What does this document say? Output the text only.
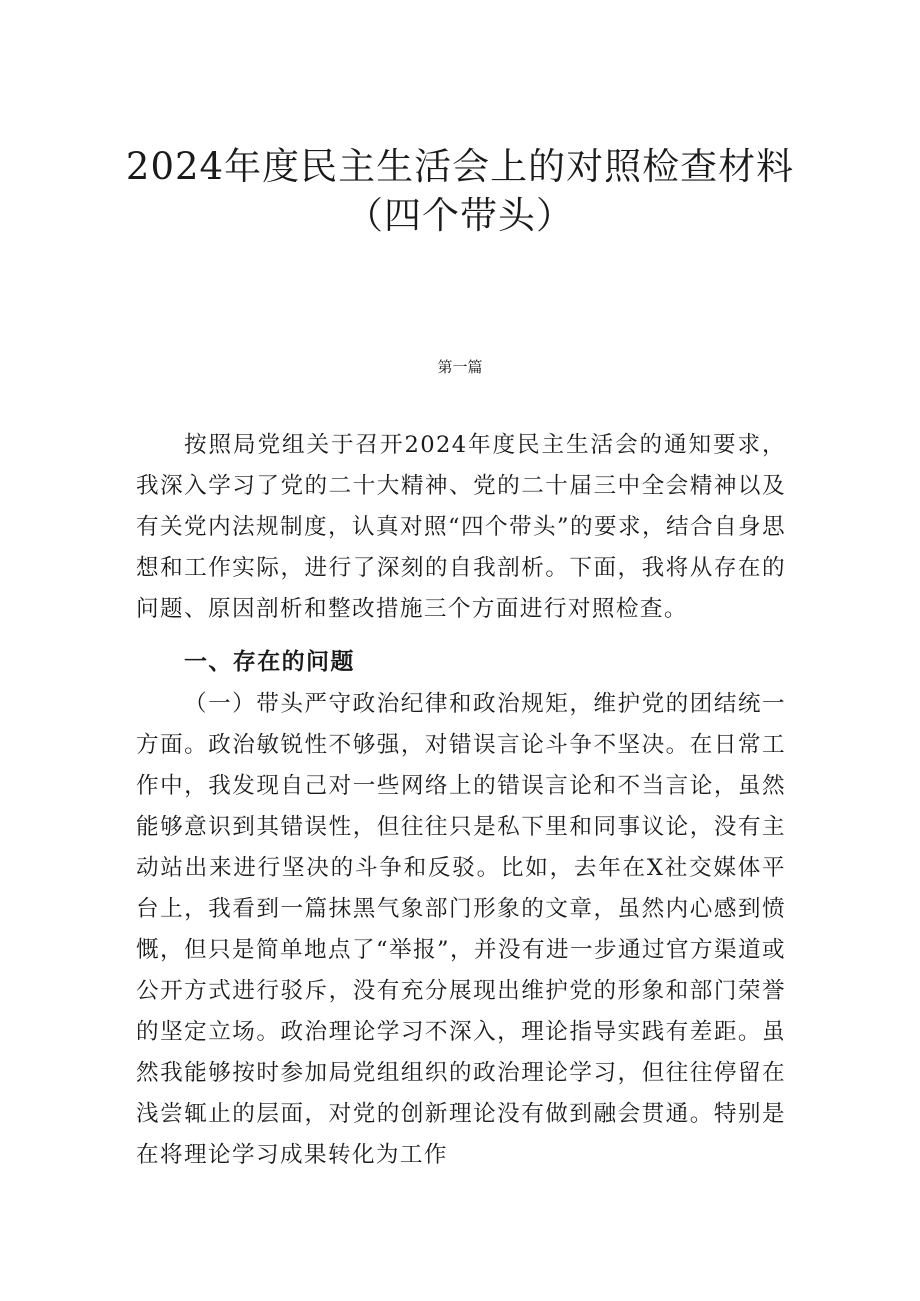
2024年度民主生活会上的对照检查材料
（四个带头）
第一篇
按照局党组关于召开2024年度民主生活会的通知要求，我深入学习了党的二十大精神、党的二十届三中全会精神以及有关党内法规制度，认真对照“四个带头”的要求，结合自身思想和工作实际，进行了深刻的自我剖析。下面，我将从存在的问题、原因剖析和整改措施三个方面进行对照检查。
一、存在的问题
（一）带头严守政治纪律和政治规矩，维护党的团结统一方面。政治敏锐性不够强，对错误言论斗争不坚决。在日常工作中，我发现自己对一些网络上的错误言论和不当言论，虽然能够意识到其错误性，但往往只是私下里和同事议论，没有主动站出来进行坚决的斗争和反驳。比如，去年在X社交媒体平台上，我看到一篇抹黑气象部门形象的文章，虽然内心感到愤慨，但只是简单地点了“举报”，并没有进一步通过官方渠道或公开方式进行驳斥，没有充分展现出维护党的形象和部门荣誉的坚定立场。政治理论学习不深入，理论指导实践有差距。虽然我能够按时参加局党组组织的政治理论学习，但往往停留在浅尝辄止的层面，对党的创新理论没有做到融会贯通。特别是在将理论学习成果转化为工作
